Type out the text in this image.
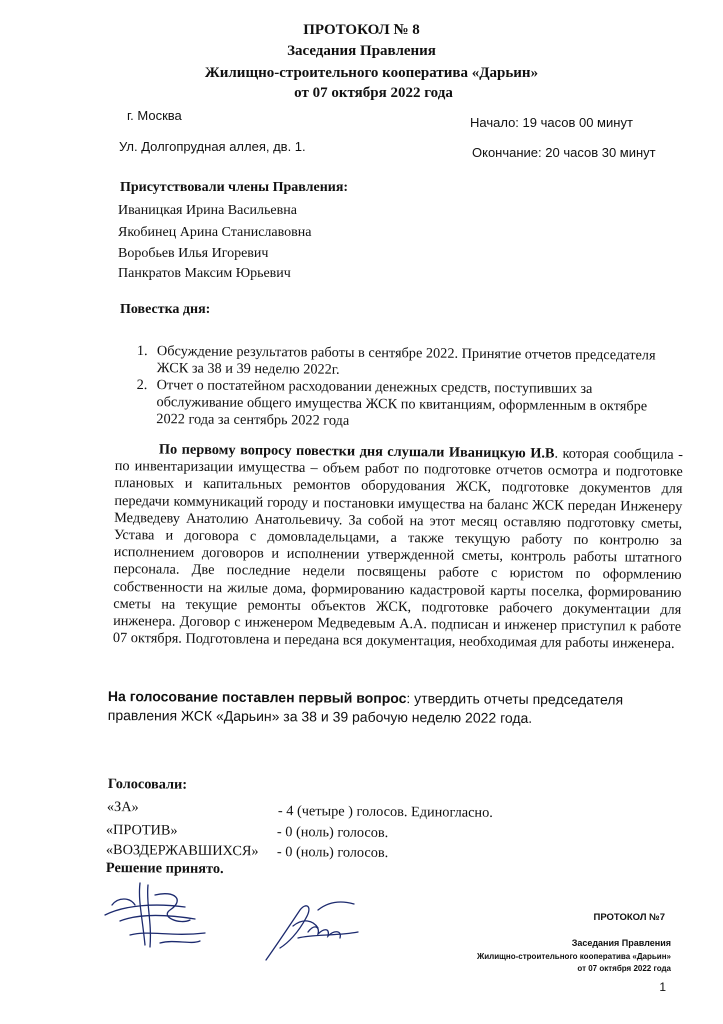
ПРОТОКОЛ № 8
Заседания Правления
Жилищно-строительного кооператива «Дарьин»
от 07 октября 2022 года
г. Москва
Ул. Долгопрудная аллея, дв. 1.
Начало: 19 часов 00 минут
Окончание: 20 часов 30 минут
Присутствовали члены Правления:
Иваницкая Ирина Васильевна
Якобинец Арина Станиславовна
Воробьев Илья Игоревич
Панкратов Максим Юрьевич
Повестка дня:
1. Обсуждение результатов работы в сентябре 2022. Принятие отчетов председателя ЖСК за 38 и 39 неделю 2022г.
2. Отчет о постатейном расходовании денежных средств, поступивших за обслуживание общего имущества ЖСК по квитанциям, оформленным в октябре 2022 года за сентябрь 2022 года
По первому вопросу повестки дня слушали Иваницкую И.В. которая сообщила - по инвентаризации имущества – объем работ по подготовке отчетов осмотра и подготовке плановых и капитальных ремонтов оборудования ЖСК, подготовке документов для передачи коммуникаций городу и постановки имущества на баланс ЖСК передан Инженеру Медведеву Анатолию Анатольевичу. За собой на этот месяц оставляю подготовку сметы, Устава и договора с домовладельцами, а также текущую работу по контролю за исполнением договоров и исполнении утвержденной сметы, контроль работы штатного персонала. Две последние недели посвящены работе с юристом по оформлению собственности на жилые дома, формированию кадастровой карты поселка, формированию сметы на текущие ремонты объектов ЖСК, подготовке рабочего документации для инженера. Договор с инженером Медведевым А.А. подписан и инженер приступил к работе 07 октября. Подготовлена и передана вся документация, необходимая для работы инженера.
На голосование поставлен первый вопрос: утвердить отчеты председателя правления ЖСК «Дарьин» за 38 и 39 рабочую неделю 2022 года.
Голосовали:
«ЗА»	- 4 (четыре ) голосов. Единогласно.
«ПРОТИВ»	- 0 (ноль) голосов.
«ВОЗДЕРЖАВШИХСЯ» - 0 (ноль) голосов.
Решение принято.
ПРОТОКОЛ №7
Заседания Правления
Жилищно-строительного кооператива «Дарьин»
от 07 октября 2022 года
1
